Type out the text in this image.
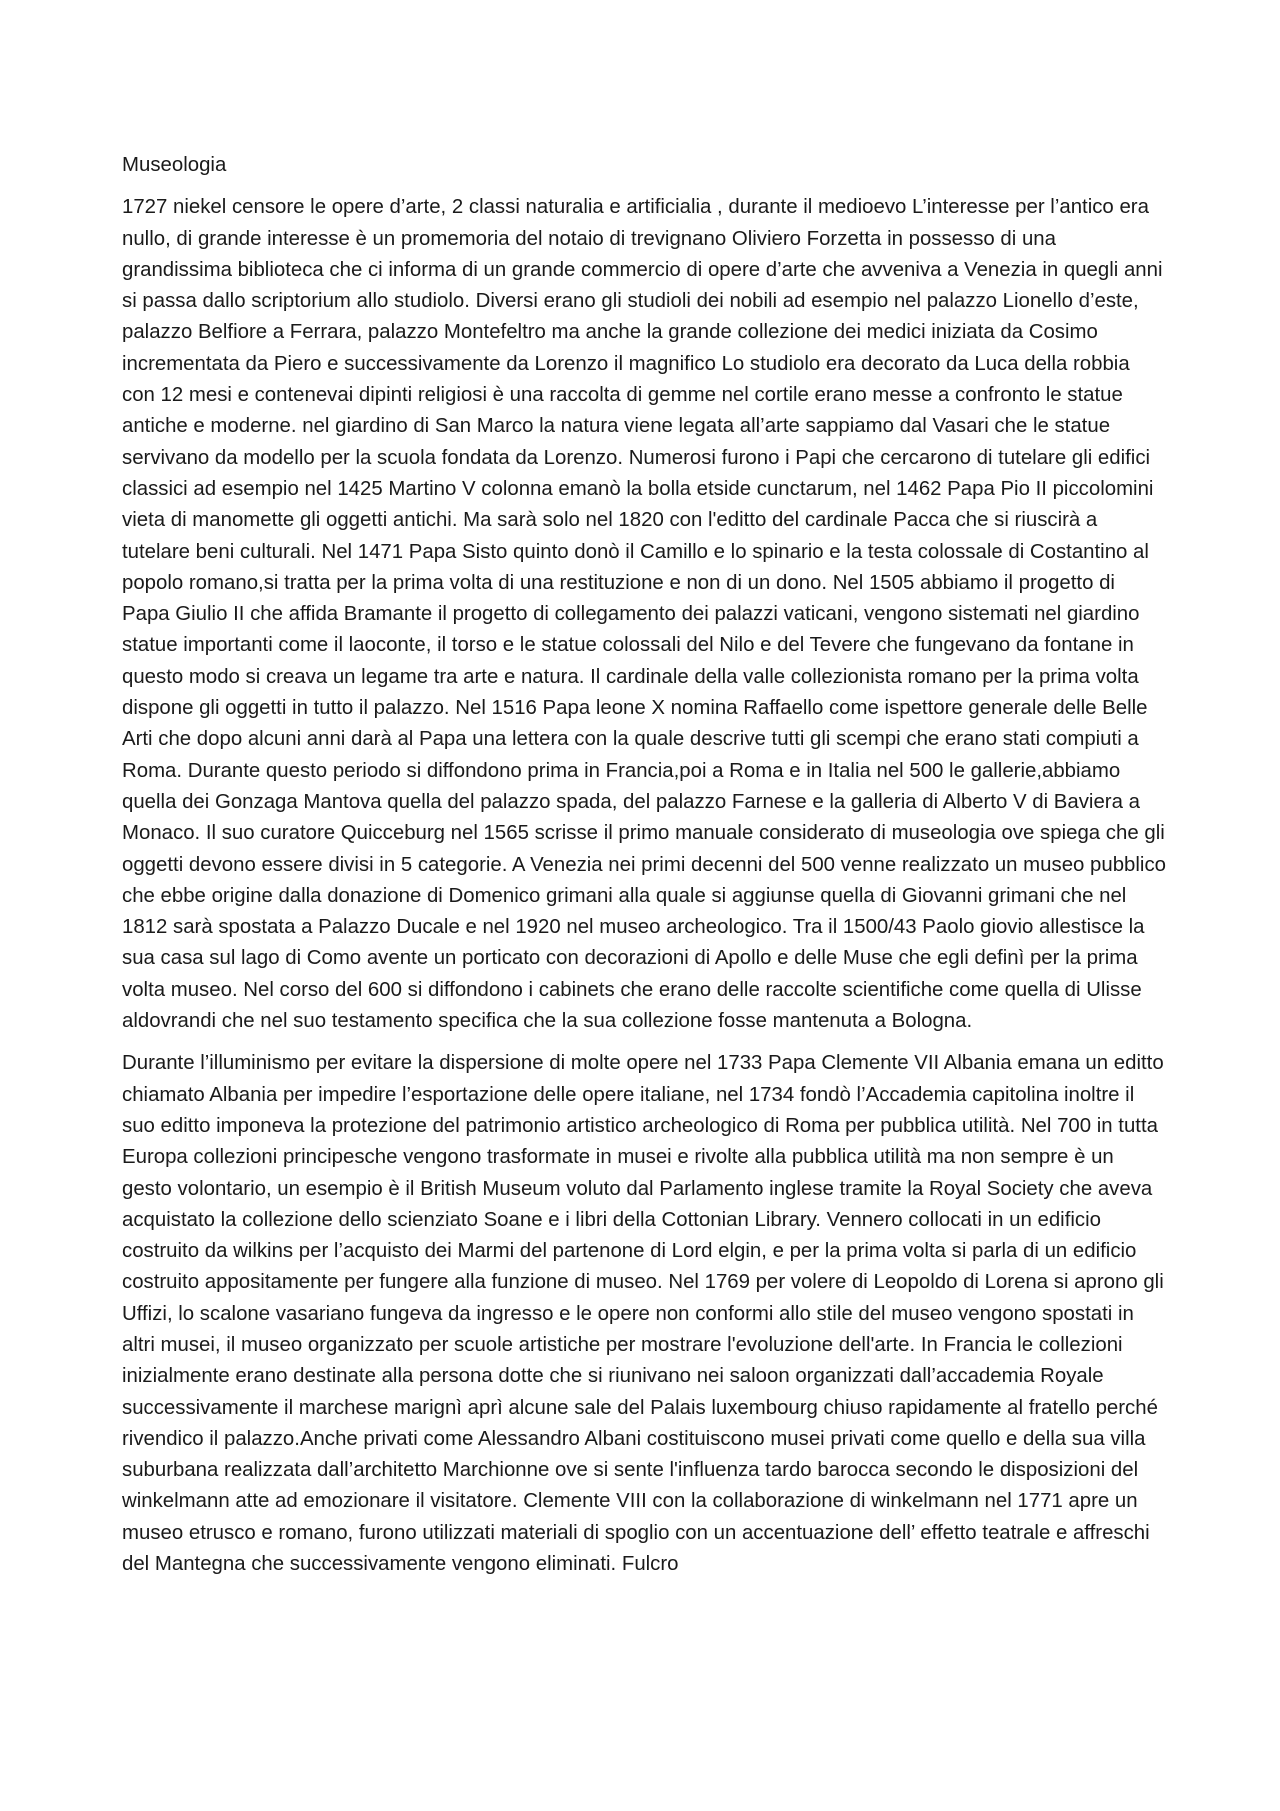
Museologia

1727 niekel censore le opere d’arte, 2 classi naturalia e artificialia , durante il medioevo L’interesse per l’antico era nullo, di grande interesse è un promemoria del notaio di trevignano Oliviero Forzetta in possesso di una grandissima biblioteca che ci informa di un grande commercio di opere d’arte che avveniva a Venezia in quegli anni si passa dallo scriptorium allo studiolo. Diversi erano gli studioli dei nobili ad esempio nel palazzo Lionello d’este, palazzo Belfiore a Ferrara, palazzo Montefeltro ma anche la grande collezione dei medici iniziata da Cosimo incrementata da Piero e successivamente da Lorenzo il magnifico Lo studiolo era decorato da Luca della robbia con 12 mesi e contenevai dipinti religiosi è una raccolta di gemme nel cortile erano messe a confronto le statue antiche e moderne. nel giardino di San Marco la natura viene legata all’arte sappiamo dal Vasari che le statue servivano da modello per la scuola fondata da Lorenzo. Numerosi furono i Papi che cercarono di tutelare gli edifici classici ad esempio nel 1425 Martino V colonna emanò la bolla etside cunctarum, nel 1462 Papa Pio II piccolomini vieta di manomette gli oggetti antichi. Ma sarà solo nel 1820 con l'editto del cardinale Pacca che si riuscirà a tutelare beni culturali. Nel 1471 Papa Sisto quinto donò il Camillo e lo spinario e la testa colossale di Costantino al popolo romano,si tratta per la prima volta di una restituzione e non di un dono. Nel 1505 abbiamo il progetto di Papa Giulio II che affida Bramante il progetto di collegamento dei palazzi vaticani, vengono sistemati nel giardino statue importanti come il laoconte, il torso e le statue colossali del Nilo e del Tevere che fungevano da fontane in questo modo si creava un legame tra arte e natura. Il cardinale della valle collezionista romano per la prima volta dispone gli oggetti in tutto il palazzo. Nel 1516 Papa leone X nomina Raffaello come ispettore generale delle Belle Arti che dopo alcuni anni darà al Papa una lettera con la quale descrive tutti gli scempi che erano stati compiuti a Roma. Durante questo periodo si diffondono prima in Francia,poi a Roma e in Italia nel 500 le gallerie,abbiamo quella dei Gonzaga Mantova quella del palazzo spada, del palazzo Farnese e la galleria di Alberto V di Baviera a Monaco. Il suo curatore Quicceburg nel 1565 scrisse il primo manuale considerato di museologia ove spiega che gli oggetti devono essere divisi in 5 categorie. A Venezia nei primi decenni del 500 venne realizzato un museo pubblico che ebbe origine dalla donazione di Domenico grimani alla quale si aggiunse quella di Giovanni grimani che nel 1812 sarà spostata a Palazzo Ducale e nel 1920 nel museo archeologico. Tra il 1500/43 Paolo giovio allestisce la sua casa sul lago di Como avente un porticato con decorazioni di Apollo e delle Muse che egli definì per la prima volta museo. Nel corso del 600 si diffondono i cabinets che erano delle raccolte scientifiche come quella di Ulisse aldovrandi che nel suo testamento specifica che la sua collezione fosse mantenuta a Bologna.

Durante l’illuminismo per evitare la dispersione di molte opere nel 1733 Papa Clemente VII Albania emana un editto chiamato Albania per impedire l’esportazione delle opere italiane, nel 1734 fondò l’Accademia capitolina inoltre il suo editto imponeva la protezione del patrimonio artistico archeologico di Roma per pubblica utilità. Nel 700 in tutta Europa collezioni principesche vengono trasformate in musei e rivolte alla pubblica utilità ma non sempre è un gesto volontario, un esempio è il British Museum voluto dal Parlamento inglese tramite la Royal Society che aveva acquistato la collezione dello scienziato Soane e i libri della Cottonian Library. Vennero collocati in un edificio costruito da wilkins per l’acquisto dei Marmi del partenone di Lord elgin, e per la prima volta si parla di un edificio costruito appositamente per fungere alla funzione di museo. Nel 1769 per volere di Leopoldo di Lorena si aprono gli Uffizi, lo scalone vasariano fungeva da ingresso e le opere non conformi allo stile del museo vengono spostati in altri musei, il museo organizzato per scuole artistiche per mostrare l'evoluzione dell'arte. In Francia le collezioni inizialmente erano destinate alla persona dotte che si riunivano nei saloon organizzati dall’accademia Royale successivamente il marchese marignì aprì alcune sale del Palais luxembourg chiuso rapidamente al fratello perché rivendico il palazzo.Anche privati come Alessandro Albani costituiscono musei privati come quello e della sua villa suburbana realizzata dall’architetto Marchionne ove si sente l'influenza tardo barocca secondo le disposizioni del winkelmann atte ad emozionare il visitatore. Clemente VIII con la collaborazione di winkelmann nel 1771 apre un museo etrusco e romano, furono utilizzati materiali di spoglio con un accentuazione dell’ effetto teatrale e affreschi del Mantegna che successivamente vengono eliminati. Fulcro
